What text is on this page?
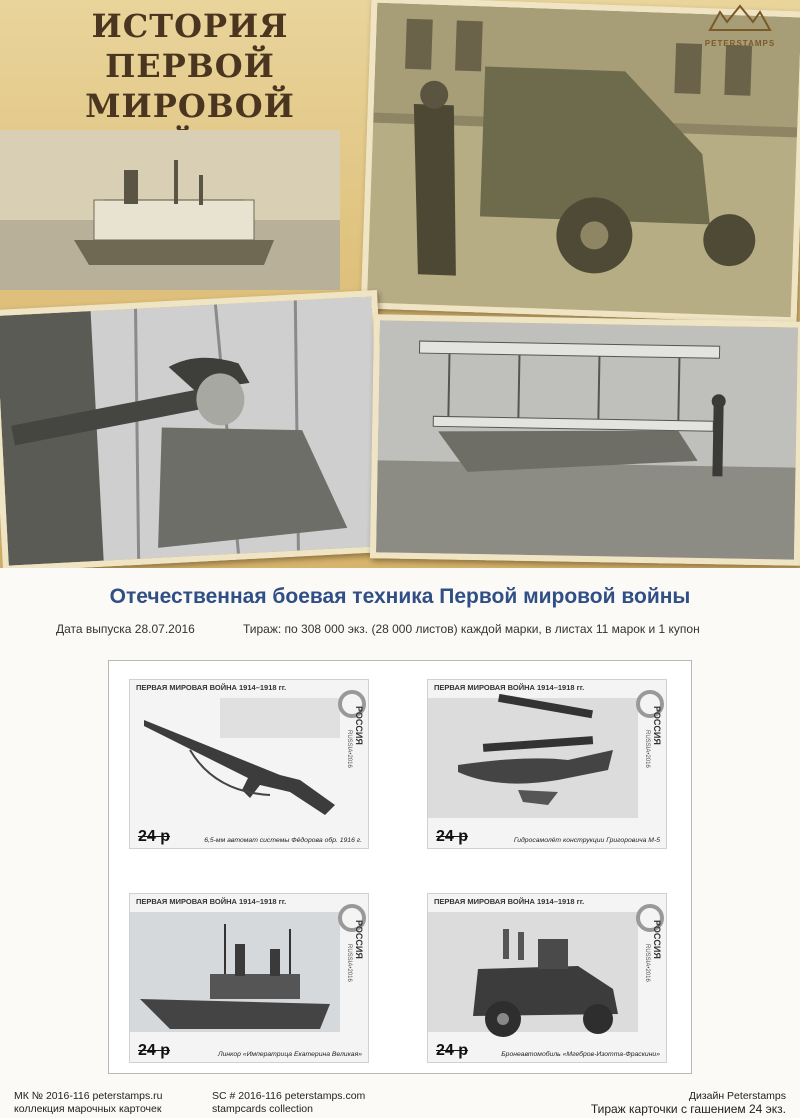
ИСТОРИЯ
ПЕРВОЙ МИРОВОЙ
PETERSTAMPS
Отечественная боевая техника Первой мировой войны
Дата выпуска 28.07.2016	Тираж: по 308 000 экз. (28 000 листов) каждой марки, в листах 11 марок и 1 купон
ПЕРВАЯ МИРОВАЯ ВОЙНА 1914–1918 гг.
РОССИЯ
RUSSIA•2016
24 р	6,5-мм автомат системы Фёдорова обр. 1916 г.
ПЕРВАЯ МИРОВАЯ ВОЙНА 1914–1918 гг.
РОССИЯ
RUSSIA•2016
24 р	Гидросамолёт конструкции Григоровича М-5
ПЕРВАЯ МИРОВАЯ ВОЙНА 1914–1918 гг.
РОССИЯ
RUSSIA•2016
24 р	Линкор «Императрица Екатерина Великая»
ПЕРВАЯ МИРОВАЯ ВОЙНА 1914–1918 гг.
РОССИЯ
RUSSIA•2016
24 р	Бронеавтомобиль «Мгебров-Изотта-Фраскини»
МК № 2016-116 peterstamps.ru
коллекция марочных карточек
SC # 2016-116 peterstamps.com
stampcards collection
Дизайн Peterstamps
Тираж карточки с гашением 24 экз.
